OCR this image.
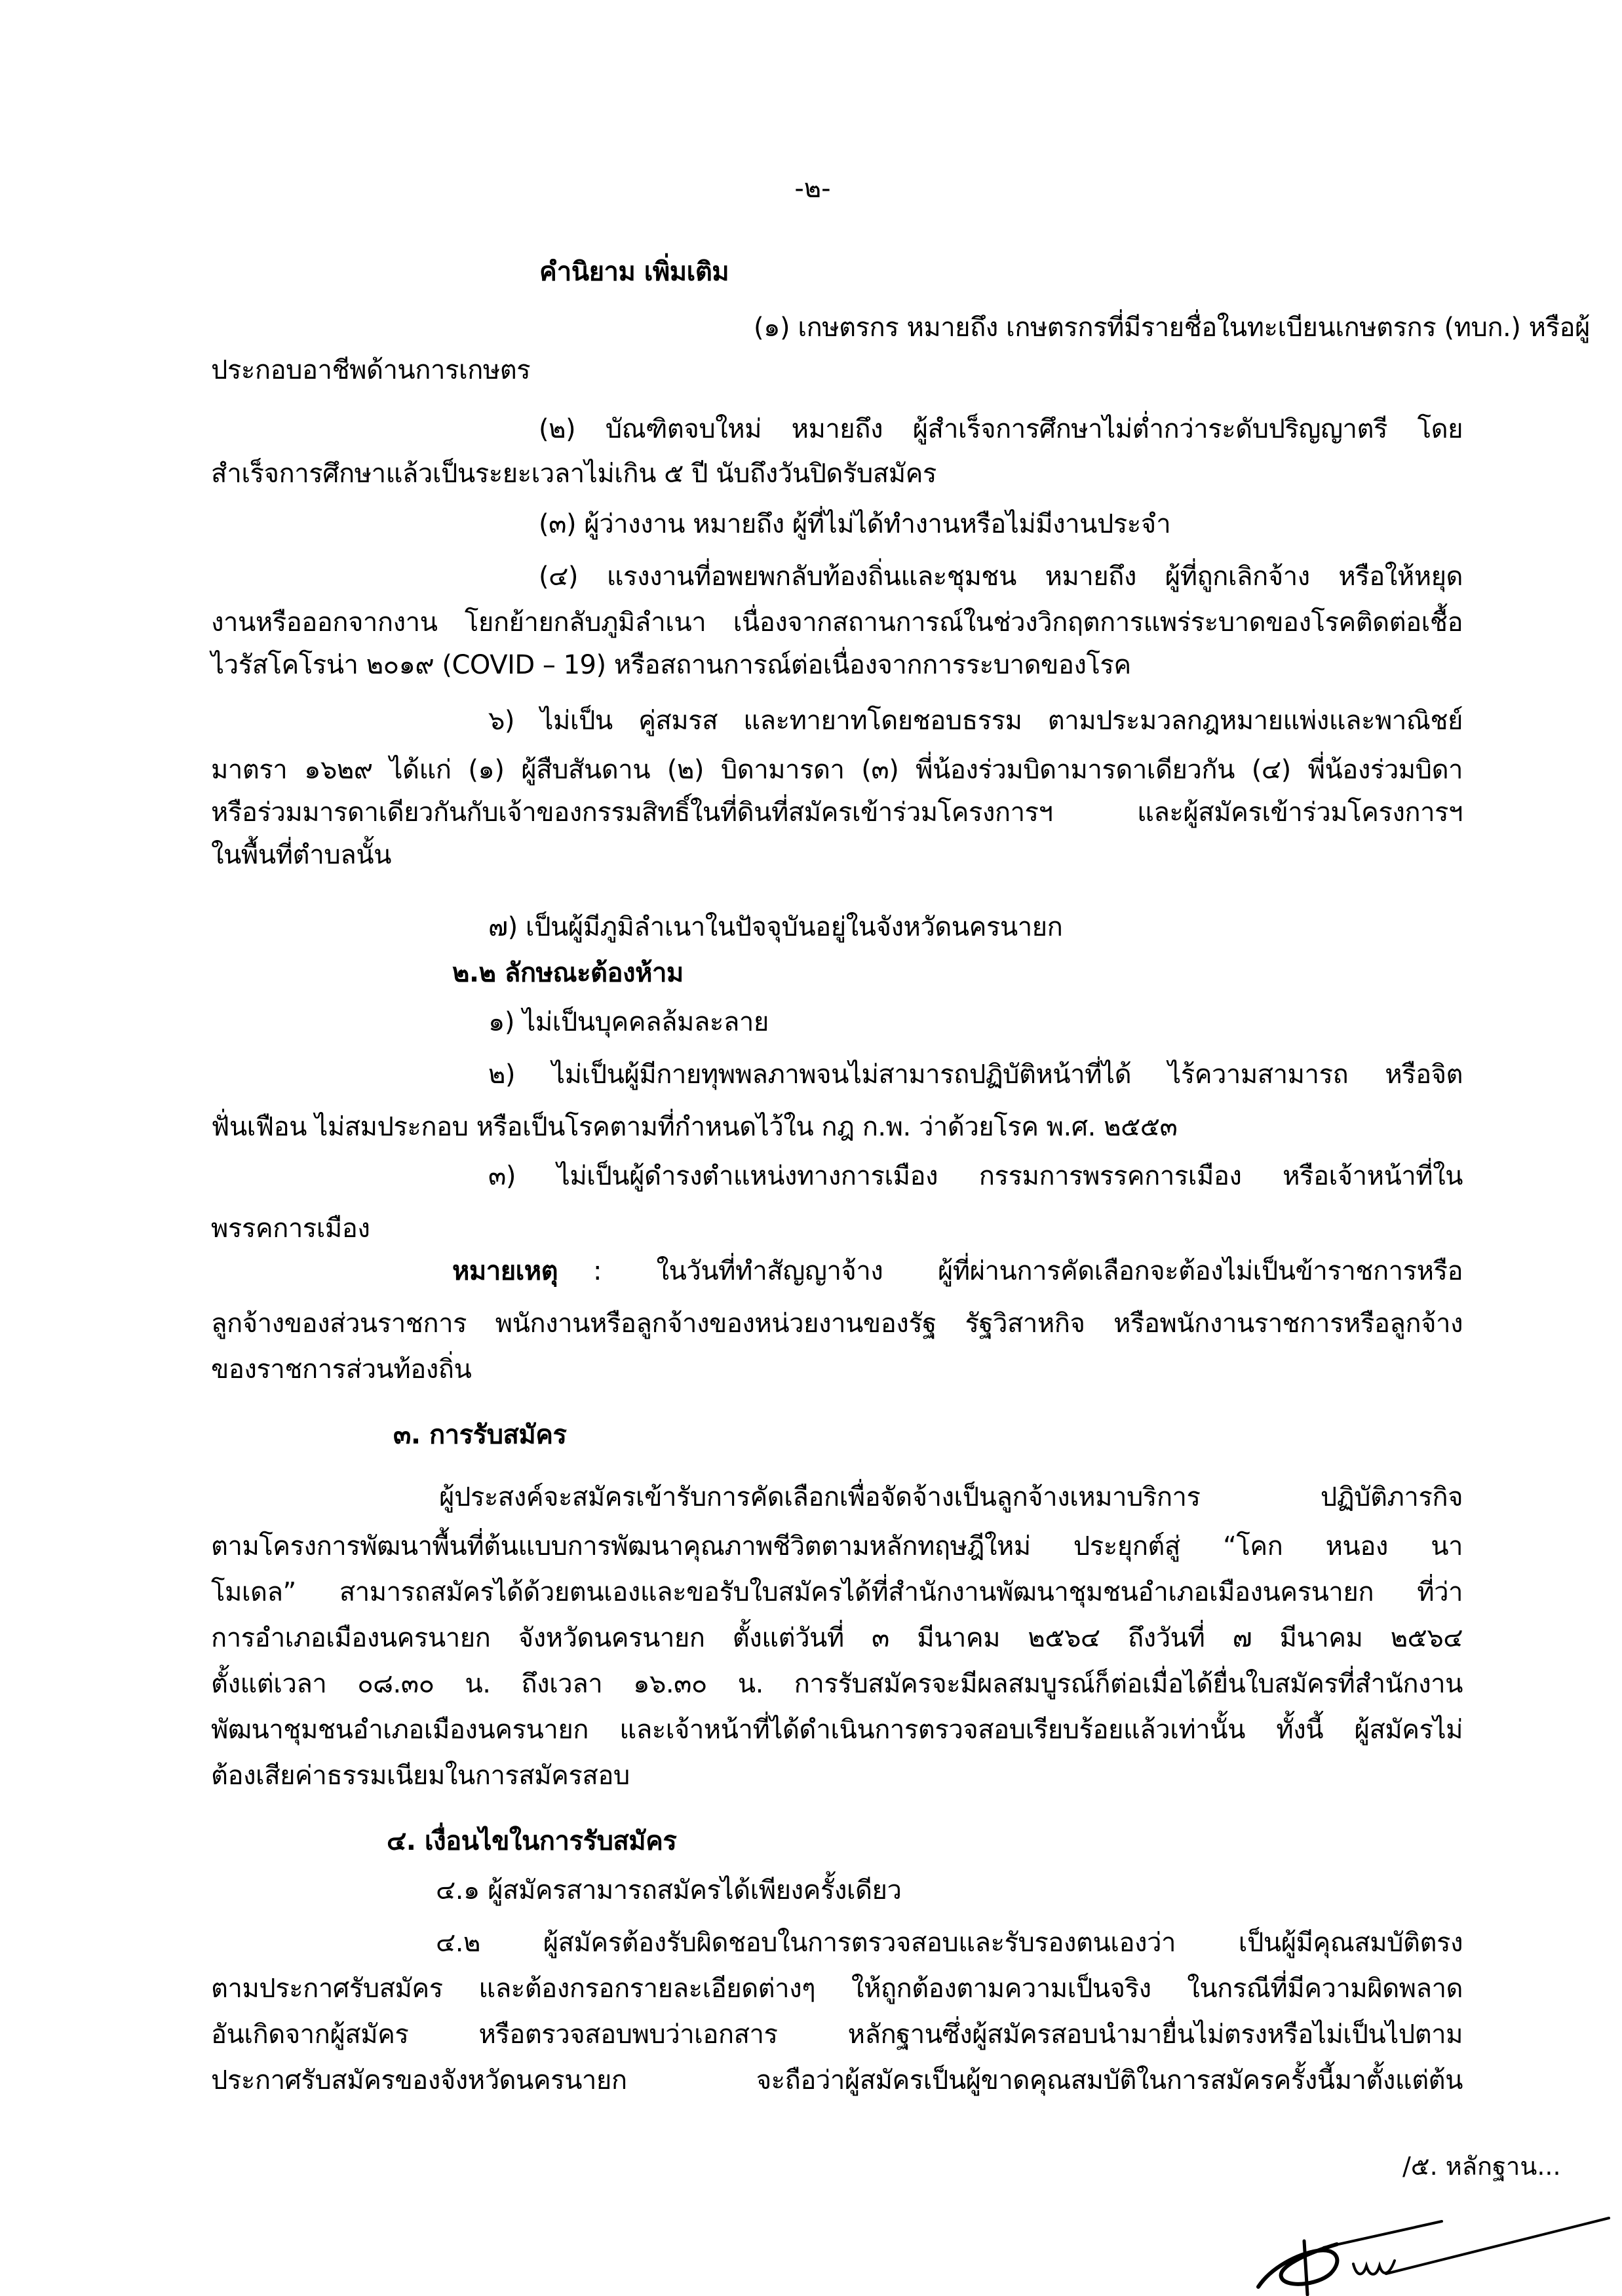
-๒-
คำนิยาม เพิ่มเติม
(๑) เกษตรกร หมายถึง เกษตรกรที่มีรายชื่อในทะเบียนเกษตรกร (ทบก.) หรือผู้
ประกอบอาชีพด้านการเกษตร
(๒) บัณฑิตจบใหม่ หมายถึง ผู้สำเร็จการศึกษาไม่ต่ำกว่าระดับปริญญาตรี โดย
สำเร็จการศึกษาแล้วเป็นระยะเวลาไม่เกิน ๕ ปี นับถึงวันปิดรับสมัคร
(๓) ผู้ว่างงาน หมายถึง ผู้ที่ไม่ได้ทำงานหรือไม่มีงานประจำ
(๔) แรงงานที่อพยพกลับท้องถิ่นและชุมชน หมายถึง ผู้ที่ถูกเลิกจ้าง หรือให้หยุด
งานหรือออกจากงาน โยกย้ายกลับภูมิลำเนา เนื่องจากสถานการณ์ในช่วงวิกฤตการแพร่ระบาดของโรคติดต่อเชื้อ
ไวรัสโคโรน่า ๒๐๑๙ (COVID – 19) หรือสถานการณ์ต่อเนื่องจากการระบาดของโรค
๖) ไม่เป็น คู่สมรส และทายาทโดยชอบธรรม ตามประมวลกฎหมายแพ่งและพาณิชย์
มาตรา ๑๖๒๙ ได้แก่ (๑) ผู้สืบสันดาน (๒) บิดามารดา (๓) พี่น้องร่วมบิดามารดาเดียวกัน (๔) พี่น้องร่วมบิดา
หรือร่วมมารดาเดียวกันกับเจ้าของกรรมสิทธิ์ในที่ดินที่สมัครเข้าร่วมโครงการฯ และผู้สมัครเข้าร่วมโครงการฯ
ในพื้นที่ตำบลนั้น
๗) เป็นผู้มีภูมิลำเนาในปัจจุบันอยู่ในจังหวัดนครนายก
๒.๒ ลักษณะต้องห้าม
๑) ไม่เป็นบุคคลล้มละลาย
๒) ไม่เป็นผู้มีกายทุพพลภาพจนไม่สามารถปฏิบัติหน้าที่ได้ ไร้ความสามารถ หรือจิต
ฟั่นเฟือน ไม่สมประกอบ หรือเป็นโรคตามที่กำหนดไว้ใน กฎ ก.พ. ว่าด้วยโรค พ.ศ. ๒๕๕๓
๓) ไม่เป็นผู้ดำรงตำแหน่งทางการเมือง กรรมการพรรคการเมือง หรือเจ้าหน้าที่ใน
พรรคการเมือง
หมายเหตุ : ในวันที่ทำสัญญาจ้าง ผู้ที่ผ่านการคัดเลือกจะต้องไม่เป็นข้าราชการหรือ
ลูกจ้างของส่วนราชการ พนักงานหรือลูกจ้างของหน่วยงานของรัฐ รัฐวิสาหกิจ หรือพนักงานราชการหรือลูกจ้าง
ของราชการส่วนท้องถิ่น
๓. การรับสมัคร
ผู้ประสงค์จะสมัครเข้ารับการคัดเลือกเพื่อจัดจ้างเป็นลูกจ้างเหมาบริการ ปฏิบัติภารกิจ
ตามโครงการพัฒนาพื้นที่ต้นแบบการพัฒนาคุณภาพชีวิตตามหลักทฤษฎีใหม่ ประยุกต์สู่ “โคก หนอง นา
โมเดล” สามารถสมัครได้ด้วยตนเองและขอรับใบสมัครได้ที่สำนักงานพัฒนาชุมชนอำเภอเมืองนครนายก ที่ว่า
การอำเภอเมืองนครนายก จังหวัดนครนายก ตั้งแต่วันที่ ๓ มีนาคม ๒๕๖๔ ถึงวันที่ ๗ มีนาคม ๒๕๖๔
ตั้งแต่เวลา ๐๘.๓๐ น. ถึงเวลา ๑๖.๓๐ น. การรับสมัครจะมีผลสมบูรณ์ก็ต่อเมื่อได้ยื่นใบสมัครที่สำนักงาน
พัฒนาชุมชนอำเภอเมืองนครนายก และเจ้าหน้าที่ได้ดำเนินการตรวจสอบเรียบร้อยแล้วเท่านั้น ทั้งนี้ ผู้สมัครไม่
ต้องเสียค่าธรรมเนียมในการสมัครสอบ
๔. เงื่อนไขในการรับสมัคร
๔.๑ ผู้สมัครสามารถสมัครได้เพียงครั้งเดียว
๔.๒ ผู้สมัครต้องรับผิดชอบในการตรวจสอบและรับรองตนเองว่า เป็นผู้มีคุณสมบัติตรง
ตามประกาศรับสมัคร และต้องกรอกรายละเอียดต่างๆ ให้ถูกต้องตามความเป็นจริง ในกรณีที่มีความผิดพลาด
อันเกิดจากผู้สมัคร หรือตรวจสอบพบว่าเอกสาร หลักฐานซึ่งผู้สมัครสอบนำมายื่นไม่ตรงหรือไม่เป็นไปตาม
ประกาศรับสมัครของจังหวัดนครนายก จะถือว่าผู้สมัครเป็นผู้ขาดคุณสมบัติในการสมัครครั้งนี้มาตั้งแต่ต้น
/๕. หลักฐาน...
